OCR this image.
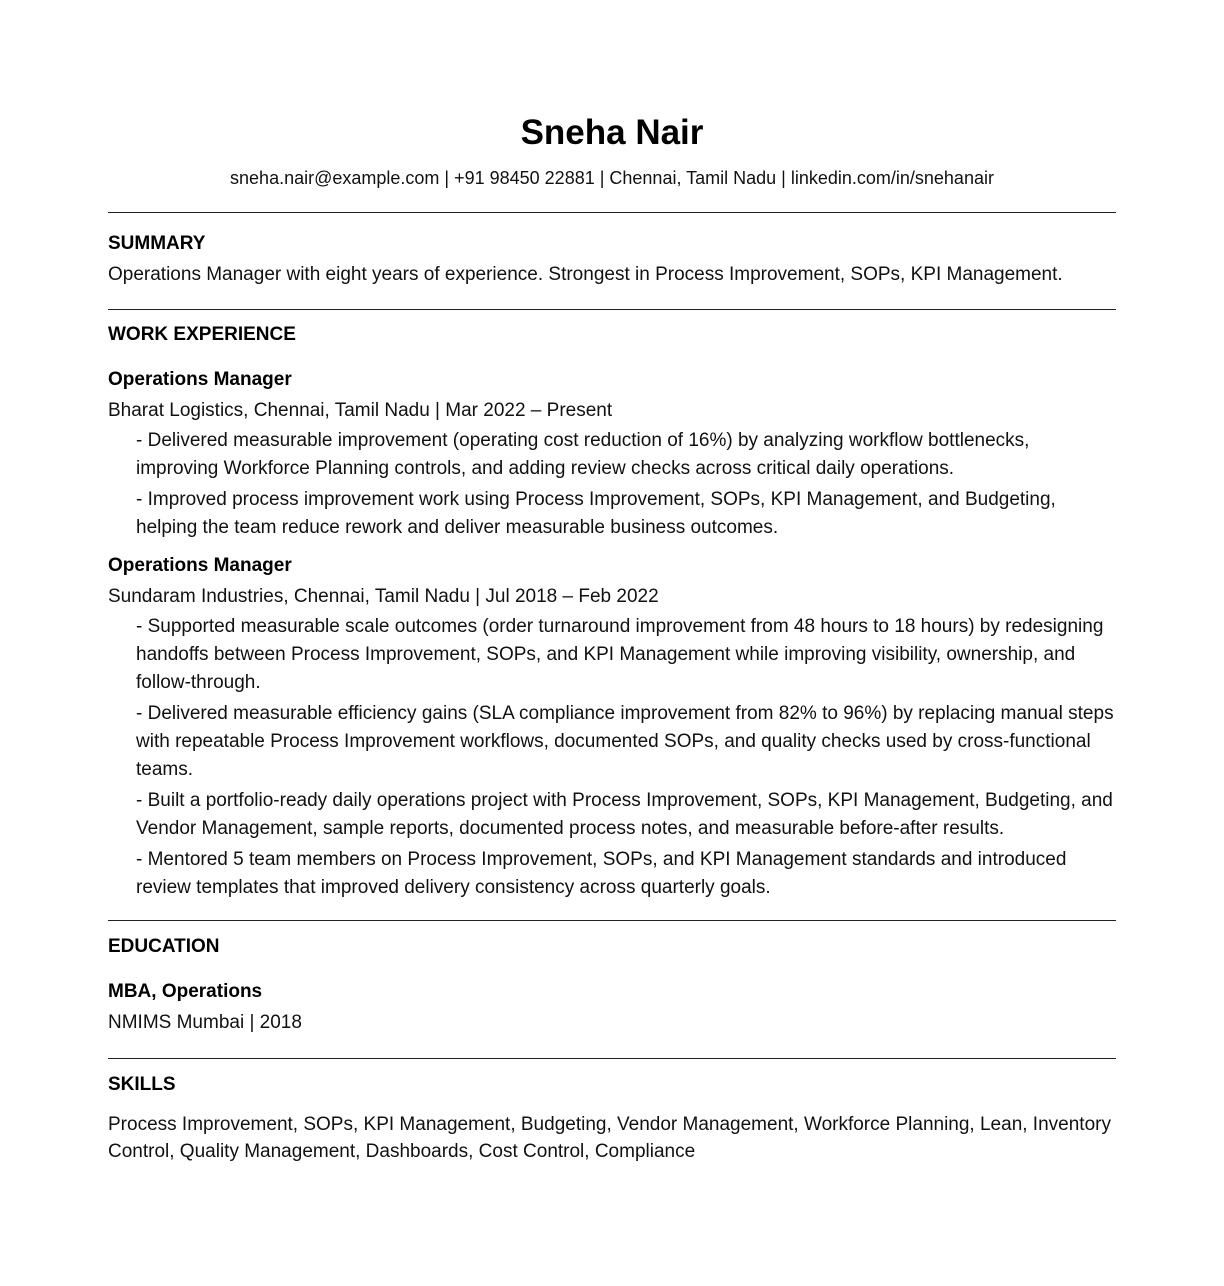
Sneha Nair
sneha.nair@example.com | +91 98450 22881 | Chennai, Tamil Nadu | linkedin.com/in/snehanair
SUMMARY
Operations Manager with eight years of experience. Strongest in Process Improvement, SOPs, KPI Management.
WORK EXPERIENCE
Operations Manager
Bharat Logistics, Chennai, Tamil Nadu | Mar 2022 – Present
- Delivered measurable improvement (operating cost reduction of 16%) by analyzing workflow bottlenecks, improving Workforce Planning controls, and adding review checks across critical daily operations.
- Improved process improvement work using Process Improvement, SOPs, KPI Management, and Budgeting, helping the team reduce rework and deliver measurable business outcomes.
Operations Manager
Sundaram Industries, Chennai, Tamil Nadu | Jul 2018 – Feb 2022
- Supported measurable scale outcomes (order turnaround improvement from 48 hours to 18 hours) by redesigning handoffs between Process Improvement, SOPs, and KPI Management while improving visibility, ownership, and follow-through.
- Delivered measurable efficiency gains (SLA compliance improvement from 82% to 96%) by replacing manual steps with repeatable Process Improvement workflows, documented SOPs, and quality checks used by cross-functional teams.
- Built a portfolio-ready daily operations project with Process Improvement, SOPs, KPI Management, Budgeting, and Vendor Management, sample reports, documented process notes, and measurable before-after results.
- Mentored 5 team members on Process Improvement, SOPs, and KPI Management standards and introduced review templates that improved delivery consistency across quarterly goals.
EDUCATION
MBA, Operations
NMIMS Mumbai | 2018
SKILLS
Process Improvement, SOPs, KPI Management, Budgeting, Vendor Management, Workforce Planning, Lean, Inventory Control, Quality Management, Dashboards, Cost Control, Compliance
